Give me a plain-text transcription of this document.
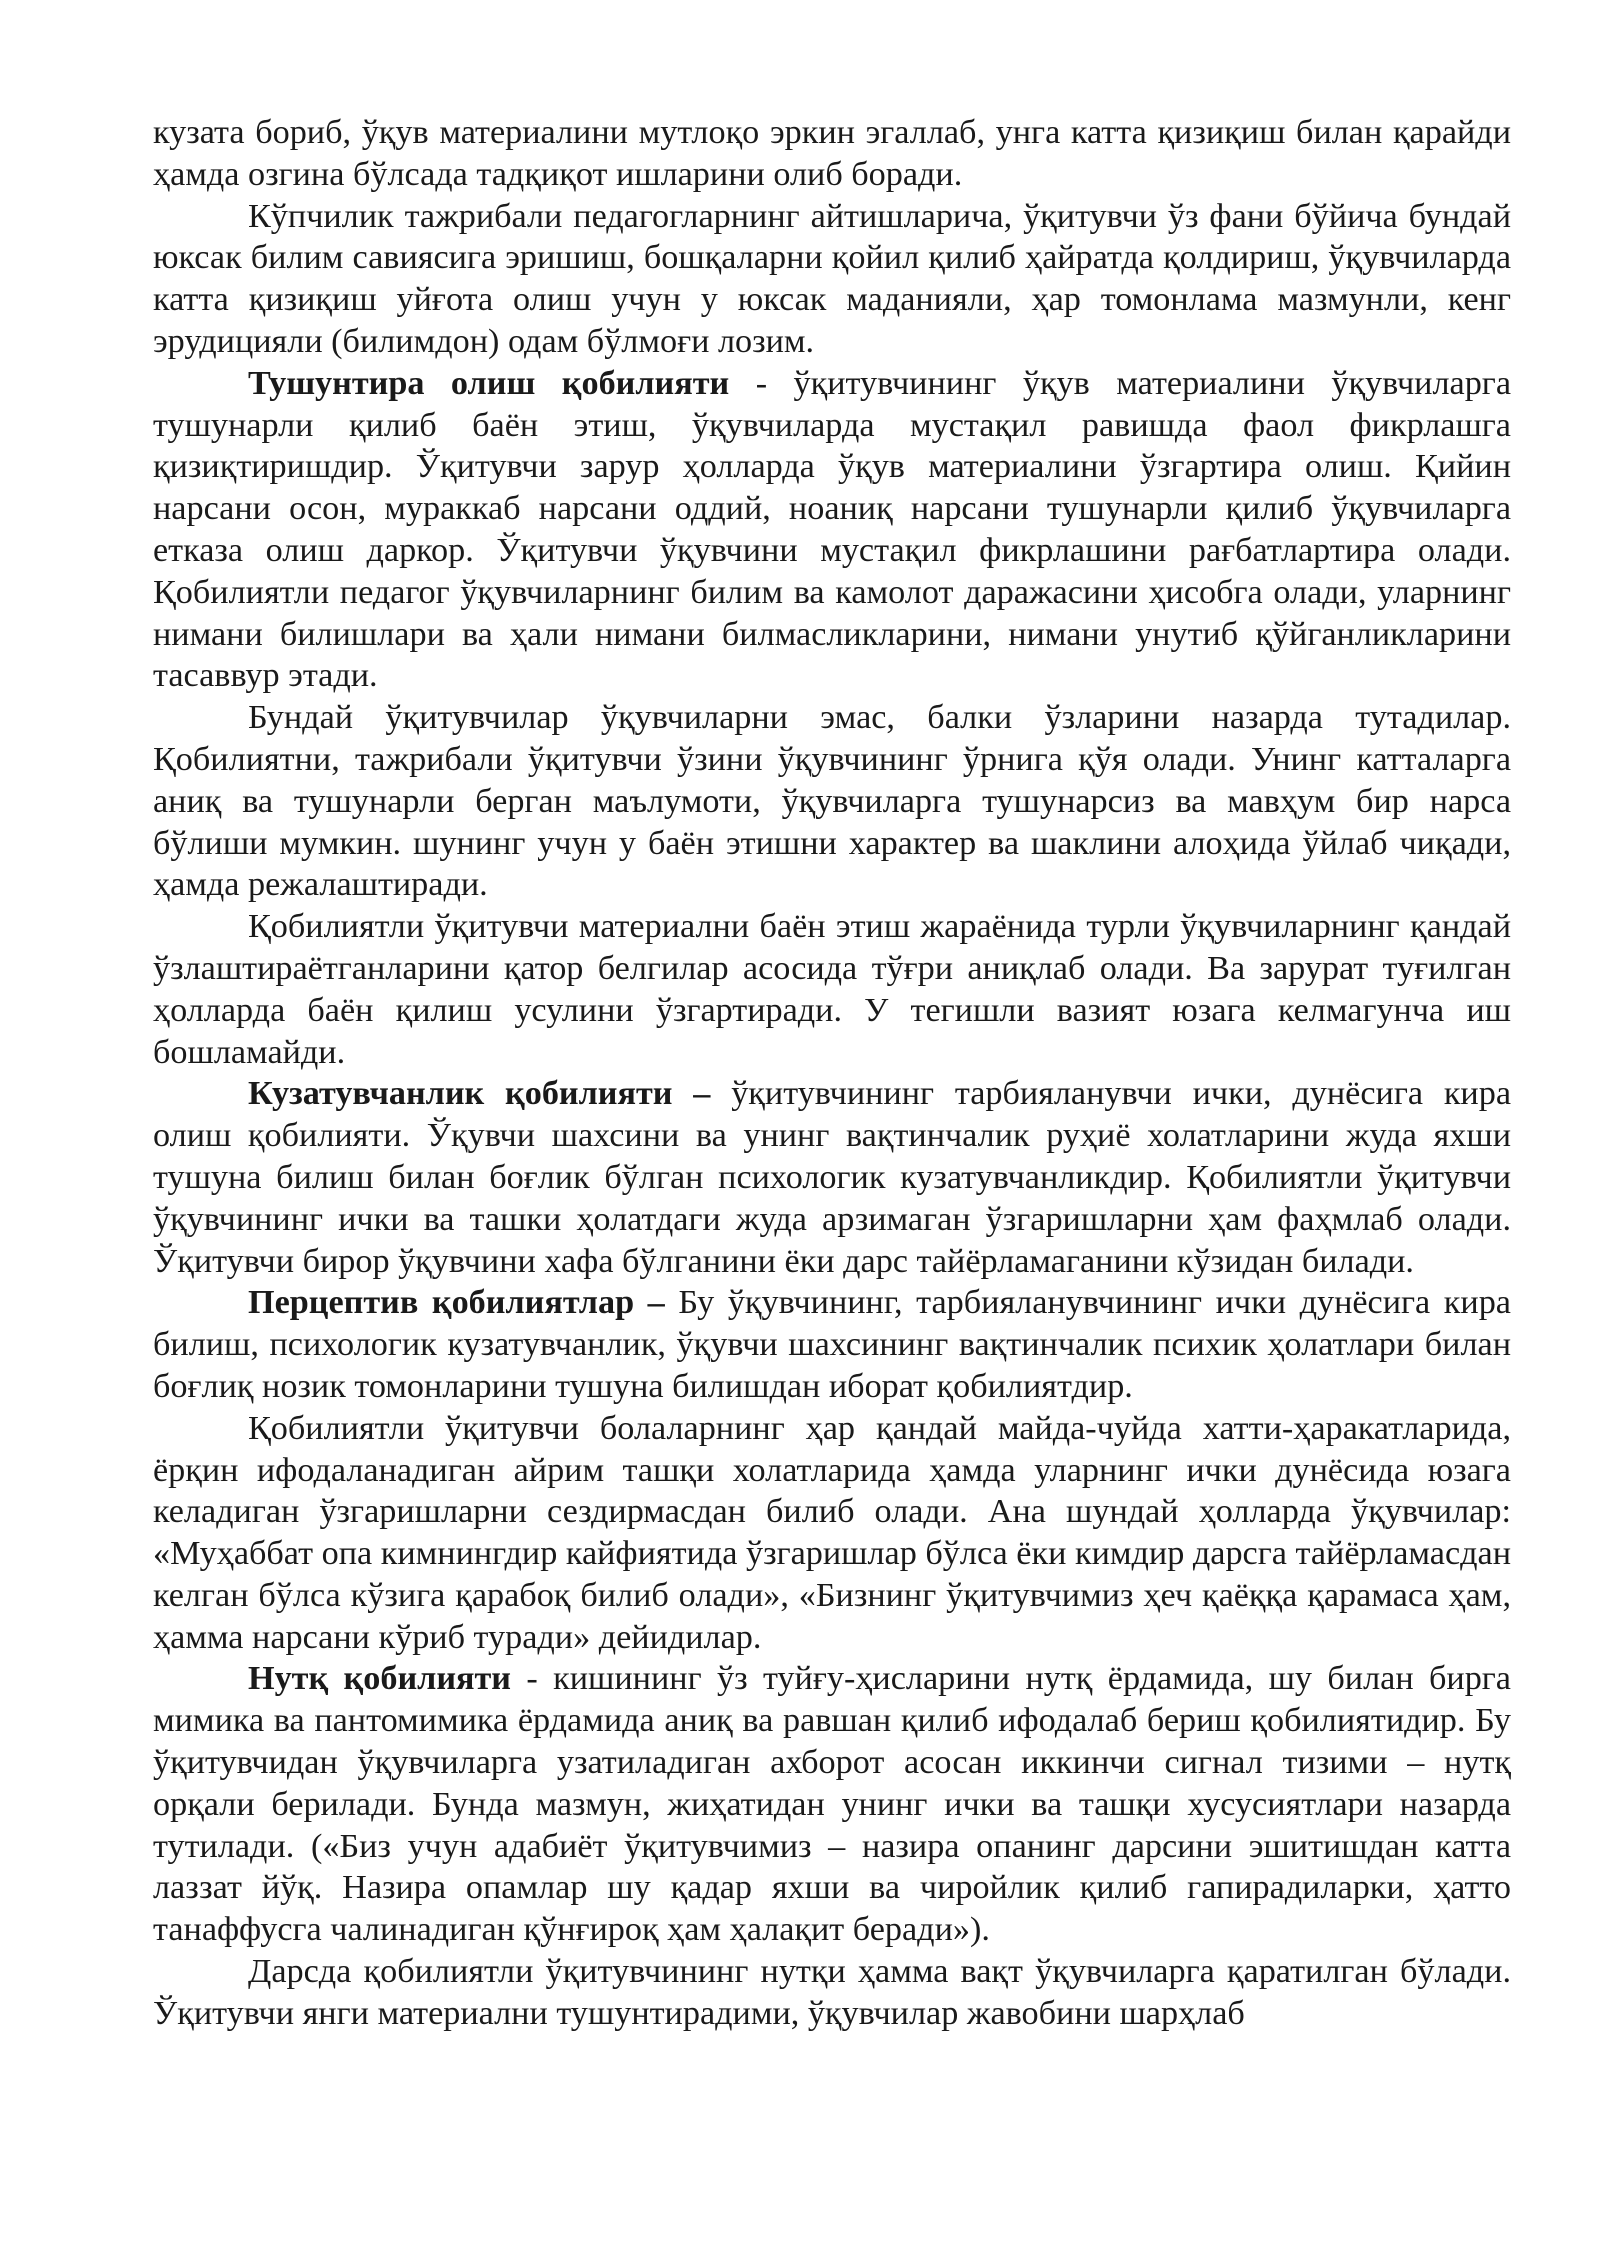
кузата бориб, ўқув материалини мутлоқо эркин эгаллаб, унга катта қизиқиш билан қарайди ҳамда озгина бўлсада тадқиқот ишларини олиб боради.

Кўпчилик тажрибали педагогларнинг айтишларича, ўқитувчи ўз фани бўйича бундай юксак билим савиясига эришиш, бошқаларни қойил қилиб ҳайратда қолдириш, ўқувчиларда катта қизиқиш уйғота олиш учун у юксак маданияли, ҳар томонлама мазмунли, кенг эрудицияли (билимдон) одам бўлмоғи лозим.

Тушунтира олиш қобилияти - ўқитувчининг ўқув материалини ўқувчиларга тушунарли қилиб баён этиш, ўқувчиларда мустақил равишда фаол фикрлашга қизиқтиришдир. Ўқитувчи зарур ҳолларда ўқув материалини ўзгартира олиш. Қийин нарсани осон, мураккаб нарсани оддий, ноаниқ нарсани тушунарли қилиб ўқувчиларга етказа олиш даркор. Ўқитувчи ўқувчини мустақил фикрлашини рағбатлартира олади. Қобилиятли педагог ўқувчиларнинг билим ва камолот даражасини ҳисобга олади, уларнинг нимани билишлари ва ҳали нимани билмасликларини, нимани унутиб қўйганликларини тасаввур этади.

Бундай ўқитувчилар ўқувчиларни эмас, балки ўзларини назарда тутадилар. Қобилиятни, тажрибали ўқитувчи ўзини ўқувчининг ўрнига қўя олади. Унинг катталарга аниқ ва тушунарли берган маълумоти, ўқувчиларга тушунарсиз ва мавҳум бир нарса бўлиши мумкин. шунинг учун у баён этишни характер ва шаклини алоҳида ўйлаб чиқади, ҳамда режалаштиради.

Қобилиятли ўқитувчи материални баён этиш жараёнида турли ўқувчиларнинг қандай ўзлаштираётганларини қатор белгилар асосида тўғри аниқлаб олади. Ва зарурат туғилган ҳолларда баён қилиш усулини ўзгартиради. У тегишли вазият юзага келмагунча иш бошламайди.

Кузатувчанлик қобилияти – ўқитувчининг тарбияланувчи ички, дунёсига кира олиш қобилияти. Ўқувчи шахсини ва унинг вақтинчалик руҳиё холатларини жуда яхши тушуна билиш билан боғлик бўлган психологик кузатувчанликдир. Қобилиятли ўқитувчи ўқувчининг ички ва ташки ҳолатдаги жуда арзимаган ўзгаришларни ҳам фаҳмлаб олади. Ўқитувчи бирор ўқувчини хафа бўлганини ёки дарс тайёрламаганини кўзидан билади.

Перцептив қобилиятлар – Бу ўқувчининг, тарбияланувчининг ички дунёсига кира билиш, психологик кузатувчанлик, ўқувчи шахсининг вақтинчалик психик ҳолатлари билан боғлиқ нозик томонларини тушуна билишдан иборат қобилиятдир.

Қобилиятли ўқитувчи болаларнинг ҳар қандай майда-чуйда хатти-ҳаракатларида, ёрқин ифодаланадиган айрим ташқи холатларида ҳамда уларнинг ички дунёсида юзага келадиган ўзгаришларни сездирмасдан билиб олади. Ана шундай ҳолларда ўқувчилар: «Муҳаббат опа кимнингдир кайфиятида ўзгаришлар бўлса ёки кимдир дарсга тайёрламасдан келган бўлса кўзига қарабоқ билиб олади», «Бизнинг ўқитувчимиз ҳеч қаёққа қарамаса ҳам, ҳамма нарсани кўриб туради» дейидилар.

Нутқ қобилияти - кишининг ўз туйғу-ҳисларини нутқ ёрдамида, шу билан бирга мимика ва пантомимика ёрдамида аниқ ва равшан қилиб ифодалаб бериш қобилиятидир. Бу ўқитувчидан ўқувчиларга узатиладиган ахборот асосан иккинчи сигнал тизими – нутқ орқали берилади. Бунда мазмун, жиҳатидан унинг ички ва ташқи хусусиятлари назарда тутилади. («Биз учун адабиёт ўқитувчимиз – назира опанинг дарсини эшитишдан катта лаззат йўқ. Назира опамлар шу қадар яхши ва чиройлик қилиб гапирадиларки, ҳатто танаффусга чалинадиган қўнғироқ ҳам ҳалақит беради»).

Дарсда қобилиятли ўқитувчининг нутқи ҳамма вақт ўқувчиларга қаратилган бўлади. Ўқитувчи янги материални тушунтирадими, ўқувчилар жавобини шарҳлаб
